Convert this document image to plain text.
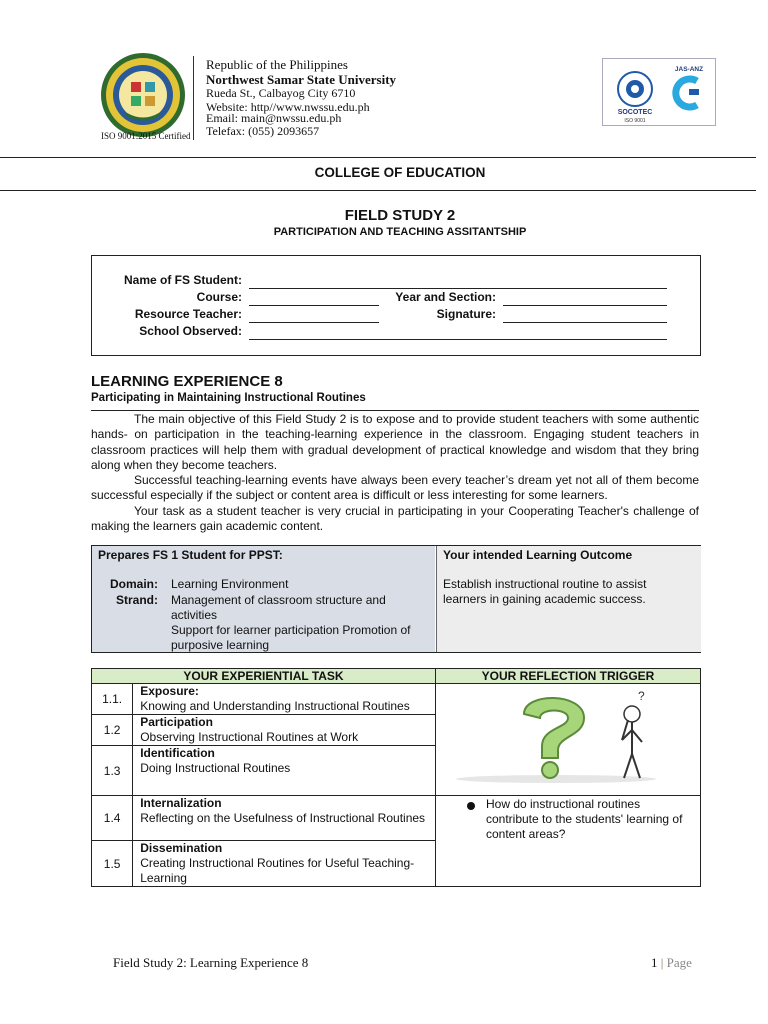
ISO 9001:2015 Certified
Republic of the Philippines
Northwest Samar State University
Rueda St., Calbayog City 6710
Website: http//www.nwssu.edu.ph
Email: main@nwssu.edu.ph
Telefax: (055) 2093657
SOCOTEC
ISO 9001
JAS-ANZ
COLLEGE OF EDUCATION
FIELD STUDY 2
PARTICIPATION AND TEACHING ASSITANTSHIP
Name of FS Student:
Course:	Year and Section:
Resource Teacher:	Signature:
School Observed:
LEARNING EXPERIENCE 8
Participating in Maintaining Instructional Routines

The main objective of this Field Study 2 is to expose and to provide student teachers with some authentic hands- on participation in the teaching-learning experience in the classroom. Engaging student teachers in classroom practices will help them with gradual development of practical knowledge and wisdom that they bring along when they become teachers.

Successful teaching-learning events have always been every teacher’s dream yet not all of them become successful especially if the subject or content area is difficult or less interesting for some learners.

Your task as a student teacher is very crucial in participating in your Cooperating Teacher's challenge of making the learners gain academic content.

Prepares FS 1 Student for PPST:
Domain: Learning Environment
Strand: Management of classroom structure and activities
Support for learner participation Promotion of purposive learning
Your intended Learning Outcome
Establish instructional routine to assist learners in gaining academic success.
YOUR EXPERIENTIAL TASK		YOUR REFLECTION TRIGGER
1.1.	Exposure:
Knowing and Understanding Instructional Routines	?

1.2	Participation
Observing Instructional Routines at Work	

1.3	Identification
Doing Instructional Routines	

1.4	Internalization
Reflecting on the Usefulness of Instructional Routines	How do instructional routines contribute to the students' learning of content areas?

1.5	Dissemination
Creating Instructional Routines for Useful Teaching-Learning	
Field Study 2: Learning Experience 8	1 | Page
